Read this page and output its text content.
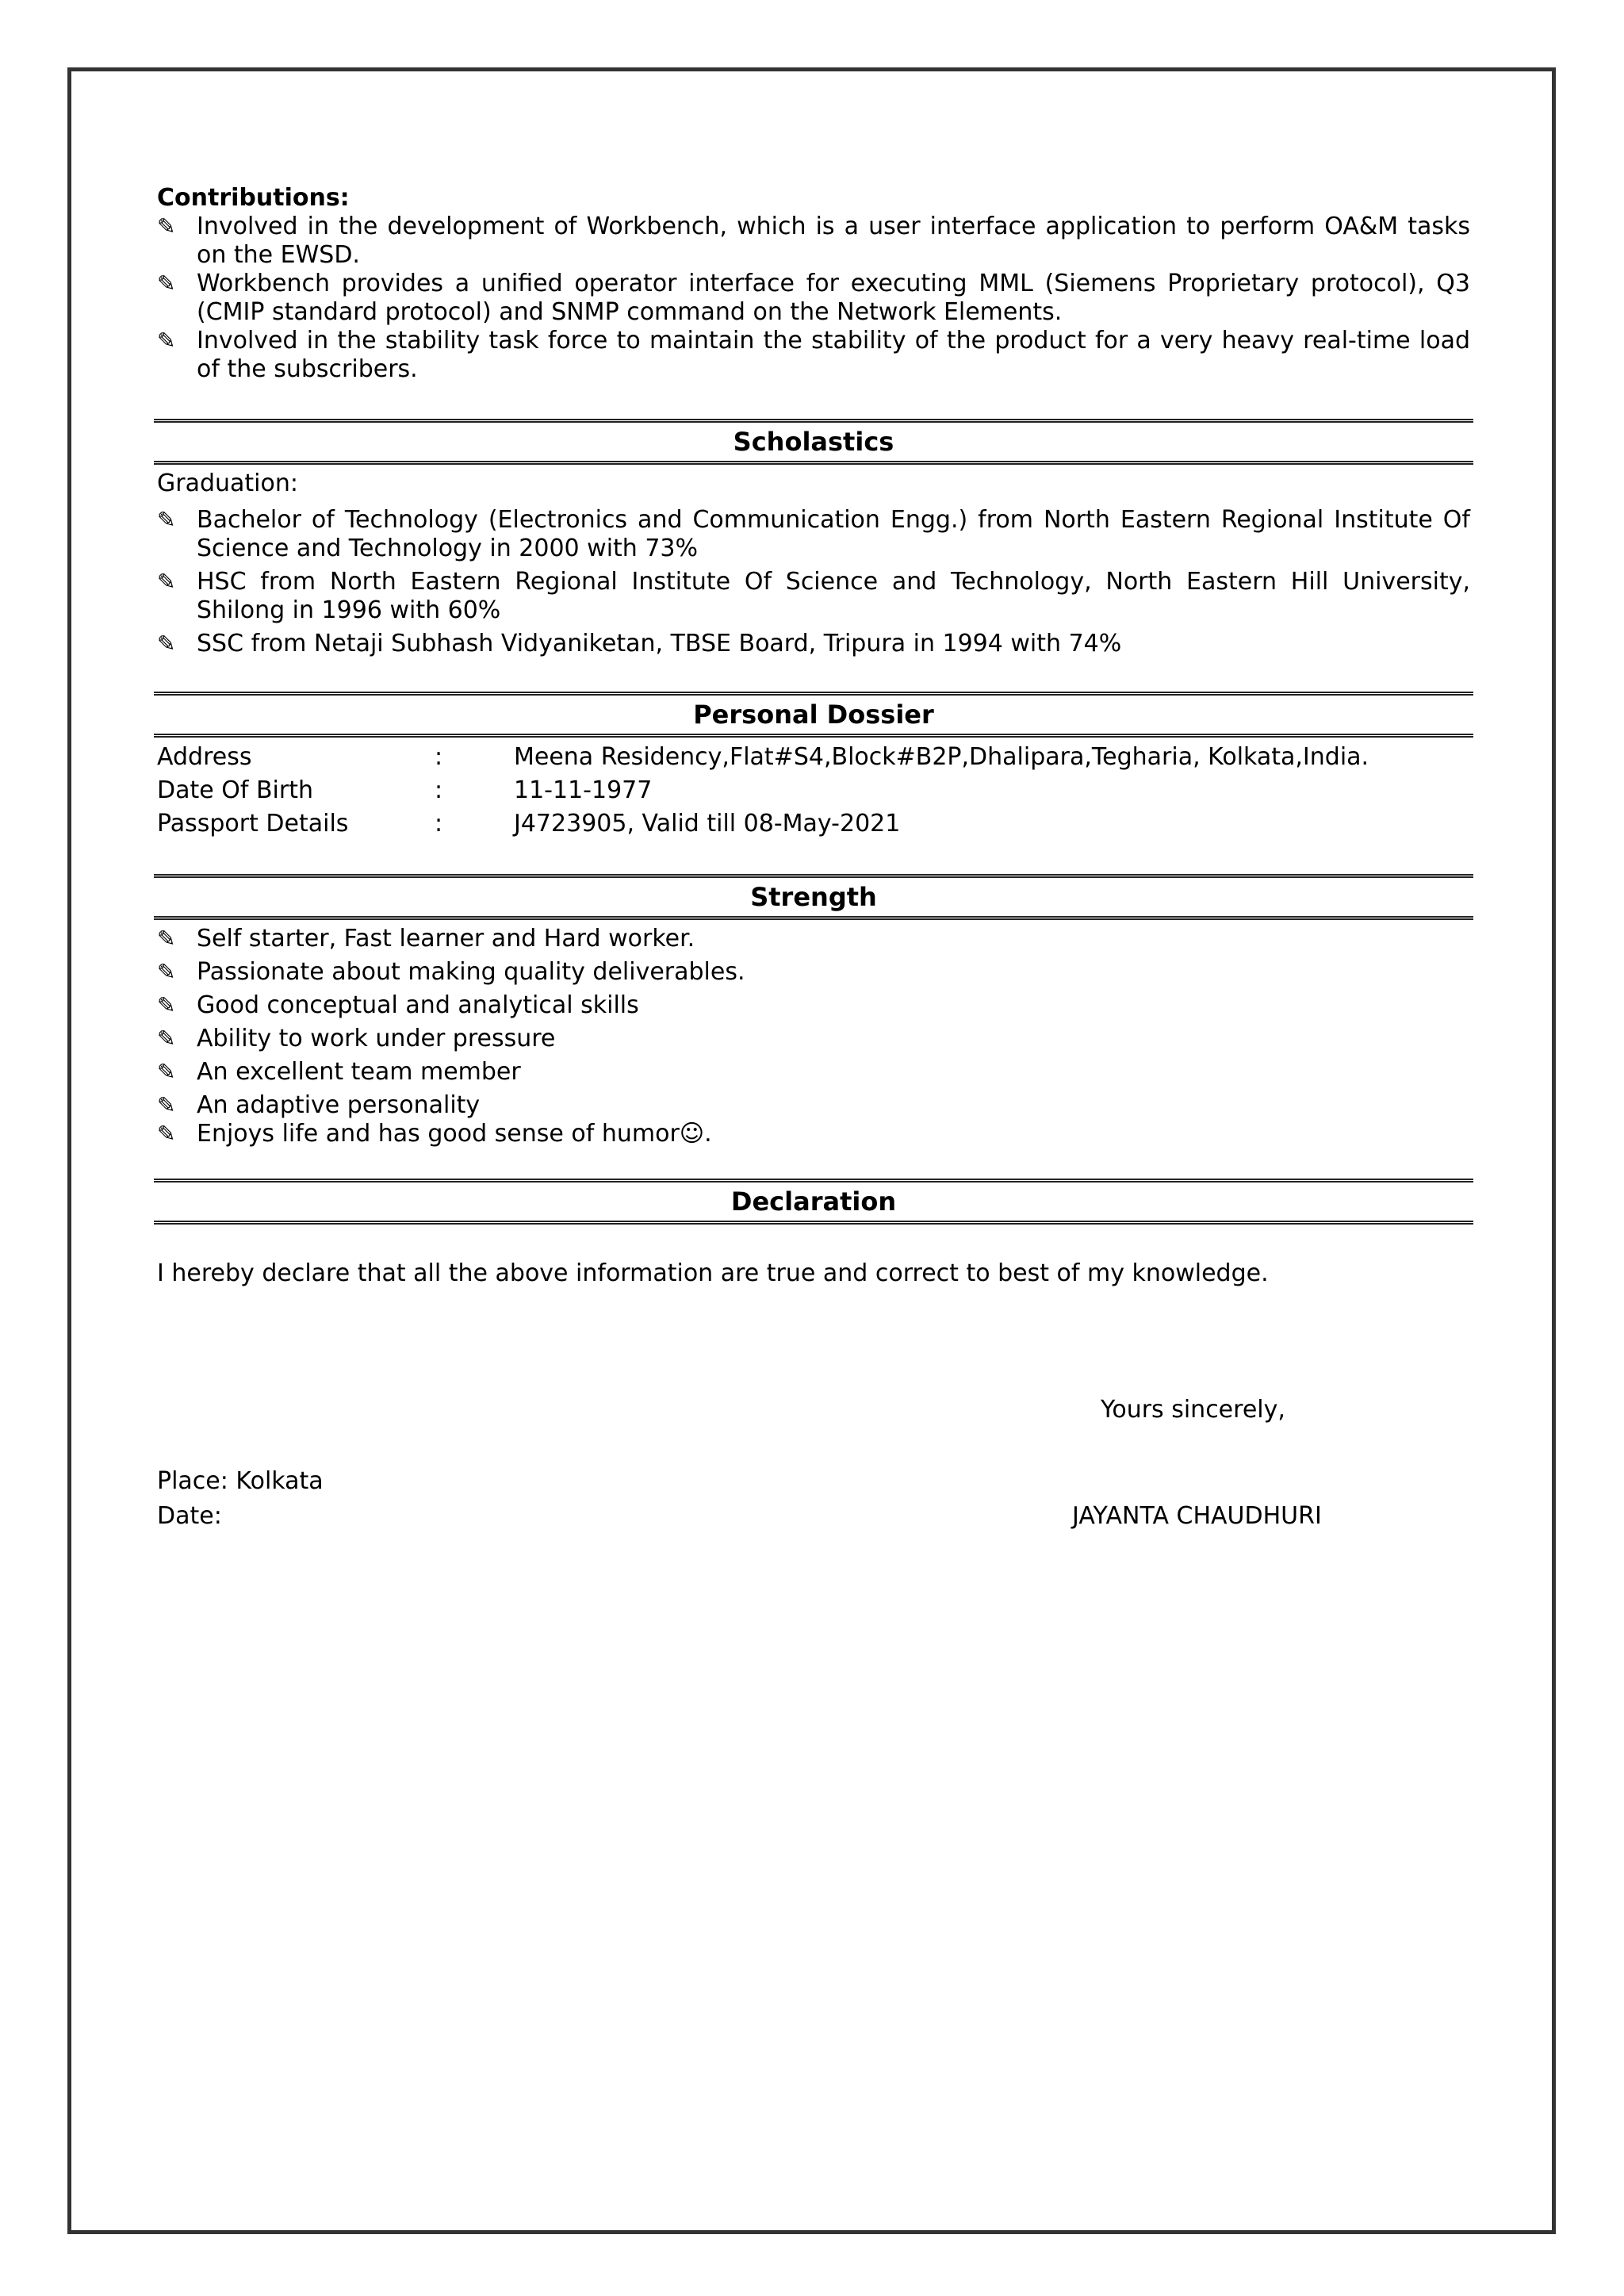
Contributions:
✎ Involved in the development of Workbench, which is a user interface application to perform OA&M tasks on the EWSD.
✎ Workbench provides a unified operator interface for executing MML (Siemens Proprietary protocol), Q3 (CMIP standard protocol) and SNMP command on the Network Elements.
✎ Involved in the stability task force to maintain the stability of the product for a very heavy real-time load of the subscribers.
Scholastics
Graduation:
✎ Bachelor of Technology (Electronics and Communication Engg.) from North Eastern Regional Institute Of Science and Technology in 2000 with 73%
✎ HSC from North Eastern Regional Institute Of Science and Technology, North Eastern Hill University, Shilong in 1996 with 60%
✎ SSC from Netaji Subhash Vidyaniketan, TBSE Board, Tripura in 1994 with 74%
Personal Dossier
Address	:	Meena Residency,Flat#S4,Block#B2P,Dhalipara,Tegharia, Kolkata,India.
Date Of Birth	:	11-11-1977
Passport Details	:	J4723905, Valid till 08-May-2021
Strength
✎ Self starter, Fast learner and Hard worker.
✎ Passionate about making quality deliverables.
✎ Good conceptual and analytical skills
✎ Ability to work under pressure
✎ An excellent team member
✎ An adaptive personality
✎ Enjoys life and has good sense of humor☺.
Declaration
I hereby declare that all the above information are true and correct to best of my knowledge.
Yours sincerely,
Place: Kolkata
Date:	JAYANTA CHAUDHURI
